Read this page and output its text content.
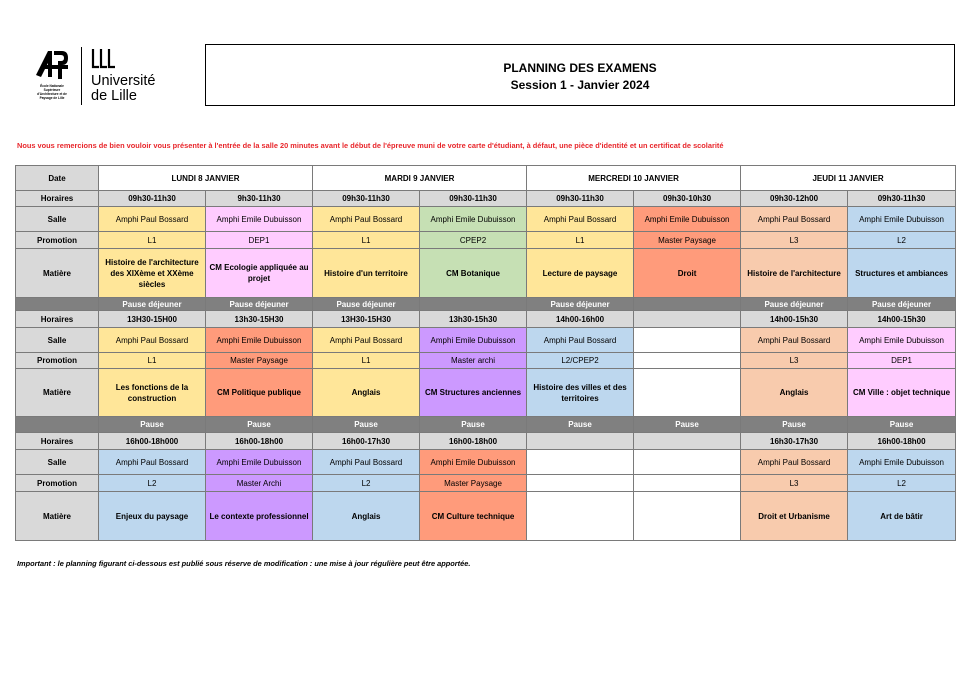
École Nationale
Supérieure
d'Architecture et de
Paysage de Lille
Université
de Lille
PLANNING DES EXAMENS
Session 1 - Janvier 2024
Nous vous remercions de bien vouloir vous présenter à l'entrée de la salle 20 minutes avant le début de l'épreuve muni de votre carte d'étudiant, à défaut, une pièce d'identité et un certificat de scolarité
Date	LUNDI 8 JANVIER		MARDI 9 JANVIER		MERCREDI 10 JANVIER		JEUDI 11 JANVIER	
Horaires	09h30-11h30	9h30-11h30	09h30-11h30	09h30-11h30	09h30-11h30	09h30-10h30	09h30-12h00	09h30-11h30
Salle	Amphi Paul Bossard	Amphi Emile Dubuisson	Amphi Paul Bossard	Amphi Emile Dubuisson	Amphi Paul Bossard	Amphi Emile Dubuisson	Amphi Paul Bossard	Amphi Emile Dubuisson
Promotion	L1	DEP1	L1	CPEP2	L1	Master Paysage	L3	L2
Matière	Histoire de l'architecture des XIXème et XXème siècles	CM Ecologie appliquée au projet	Histoire d'un territoire	CM Botanique	Lecture de paysage	Droit	Histoire de l'architecture	Structures et ambiances
	Pause déjeuner	Pause déjeuner	Pause déjeuner		Pause déjeuner		Pause déjeuner	Pause déjeuner
Horaires	13H30-15H00	13h30-15H30	13H30-15H30	13h30-15h30	14h00-16h00		14h00-15h30	14h00-15h30
Salle	Amphi Paul Bossard	Amphi Emile Dubuisson	Amphi Paul Bossard	Amphi Emile Dubuisson	Amphi Paul Bossard		Amphi Paul Bossard	Amphi Emile Dubuisson
Promotion	L1	Master Paysage	L1	Master archi	L2/CPEP2		L3	DEP1
Matière	Les fonctions de la construction	CM Politique publique	Anglais	CM Structures anciennes	Histoire des villes et des territoires		Anglais	CM Ville : objet technique
	Pause	Pause	Pause	Pause	Pause	Pause	Pause	Pause
Horaires	16h00-18h000	16h00-18h00	16h00-17h30	16h00-18h00			16h30-17h30	16h00-18h00
Salle	Amphi Paul Bossard	Amphi Emile Dubuisson	Amphi Paul Bossard	Amphi Emile Dubuisson			Amphi Paul Bossard	Amphi Emile Dubuisson
Promotion	L2	Master Archi	L2	Master Paysage			L3	L2
Matière	Enjeux du paysage	Le contexte professionnel	Anglais	CM Culture technique			Droit et Urbanisme	Art de bâtir
Important : le planning figurant ci-dessous est publié sous réserve de modification : une mise à jour régulière peut être apportée.
